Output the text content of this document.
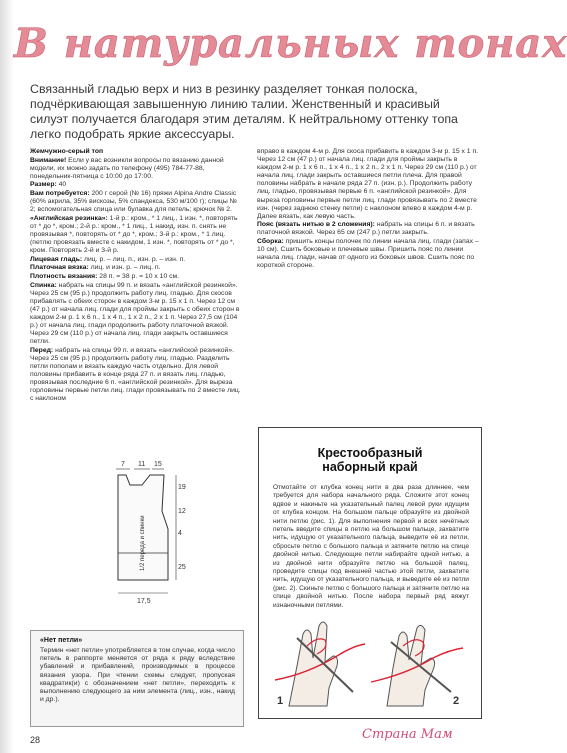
В натуральных тонах
Связанный гладью верх и низ в резинку разделяет тонкая полоска, подчёркивающая завышенную линию талии. Женственный и красивый силуэт получается благодаря этим деталям. К нейтральному оттенку топа легко подобрать яркие аксессуары.

Жемчужно-серый топ

Внимание! Если у вас возникли вопросы по вязанию данной модели, их можно задать по телефону (495) 784-77-88, понедельник-пятница с 10:00 до 17:00.

Размер: 40

Вам потребуется: 200 г серой (№ 16) пряжи Alpina Andre Classic (60% акрила, 35% вискозы, 5% спандекса, 530 м/100 г); спицы № 2; вспомогательная спица или булавка для петель; крючок № 2.

«Английская резинка»: 1-й р.: кром., * 1 лиц., 1 изн. *, повторять от * до *, кром.; 2-й р.: кром., * 1 лиц., 1 накид, изн. п. снять не провязывая *, повторять от * до *, кром.; 3-й р.: кром., * 1 лиц. (петлю провязать вместе с накидом, 1 изн. *, повторять от * до *, кром. Повторять 2-й и 3-й р.

Лицевая гладь: лиц. р. – лиц. п., изн. р. – изн. п.

Платочная вязка: лиц. и изн. р. – лиц. п.

Плотность вязания: 28 п. = 38 р. = 10 х 10 см.

Спинка: набрать на спицы 99 п. и вязать «английской резинкой». Через 25 см (95 р.) продолжить работу лиц. гладью. Для скосов прибавлять с обеих сторон в каждом 3-м р. 15 х 1 п. Через 12 см (47 р.) от начала лиц. глади для проймы закрыть с обеих сторон в каждом 2-м р. 1 х 6 п., 1 х 4 п., 1 х 2 п., 2 х 1 п. Через 27,5 см (104 р.) от начала лиц. глади продолжить работу платочной вязкой. Через 29 см (110 р.) от начала лиц. глади закрыть оставшиеся петли.

Перед: набрать на спицы 99 п. и вязать «английской резинкой». Через 25 см (95 р.) продолжить работу лиц. гладью. Разделить петли пополам и вязать каждую часть отдельно. Для левой половины прибавить в конце ряда 27 п. и вязать лиц. гладью, провязывая последние 6 п. «английской резинкой». Для выреза горловины первые петли лиц. глади провязывать по 2 вместе лиц. с наклоном

вправо в каждом 4-м р. Для скоса прибавить в каждом 3-м р. 15 х 1 п. Через 12 см (47 р.) от начала лиц. глади для проймы закрыть в каждом 2-м р. 1 х 6 п., 1 х 4 п., 1 х 2 п., 2 х 1 п. Через 29 см (110 р.) от начала лиц. глади закрыть оставшиеся петли плеча. Для правой половины набрать в начале ряда 27 п. (изн. р.). Продолжить работу лиц. гладью, провязывая первые 6 п. «английской резинкой». Для выреза горловины первые петли лиц. глади провязывать по 2 вместе изн. (через заднюю стенку петли) с наклоном влево в каждом 4-м р. Далее вязать, как левую часть.

Пояс (вязать нитью в 2 сложения): набрать на спицы 6 п. и вязать платочной вязкой. Через 65 см (247 р.) петли закрыть.

Сборка: пришить концы полочек по линии начала лиц. глади (запах – 10 см). Сшить боковые и плечевые швы. Пришить пояс по линии начала лиц. глади, начав от одного из боковых швов. Сшить пояс по короткой стороне.

7 11 15
19
12
4
25
17,5
1/2 переда и спинки
«Нет петли»
Термин «нет петли» употребляется в том случае, когда число петель в раппорте меняется от ряда к ряду вследствие убавлений и прибавлений, производимых в процессе вязания узора. При чтении схемы следует, пропуская квадратик(и) с обозначением «нет петли», переходить к выполнению следующего за ним элемента (лиц., изн., накид и др.).
Крестообразный
наборный край
Отмотайте от клубка конец нити в два раза длиннее, чем требуется для набора начального ряда. Сложите этот конец вдвое и накиньте на указательный палец левой руки идущим от клубка концом. На большом пальце образуйте из двойной нити петлю (рис. 1). Для выполнения первой и всех нечётных петель введите спицы в петлю на большом пальце, захватите нить, идущую от указательного пальца, выведите её из петли, сбросьте петлю с большого пальца и затяните петлю на спице двойной нитью. Следующие петли набирайте одной нитью, а из двойной нити образуйте петлю на большой палец, проведите спицы под внешней частью этой петли, захватите нить, идущую от указательного пальца, и выведите её из петли (рис. 2). Скиньте петлю с большого пальца и затяните петлю на спице двойной нитью. После набора первый ряд вяжут изнаночными петлями.
1	2
28	Страна Мам
